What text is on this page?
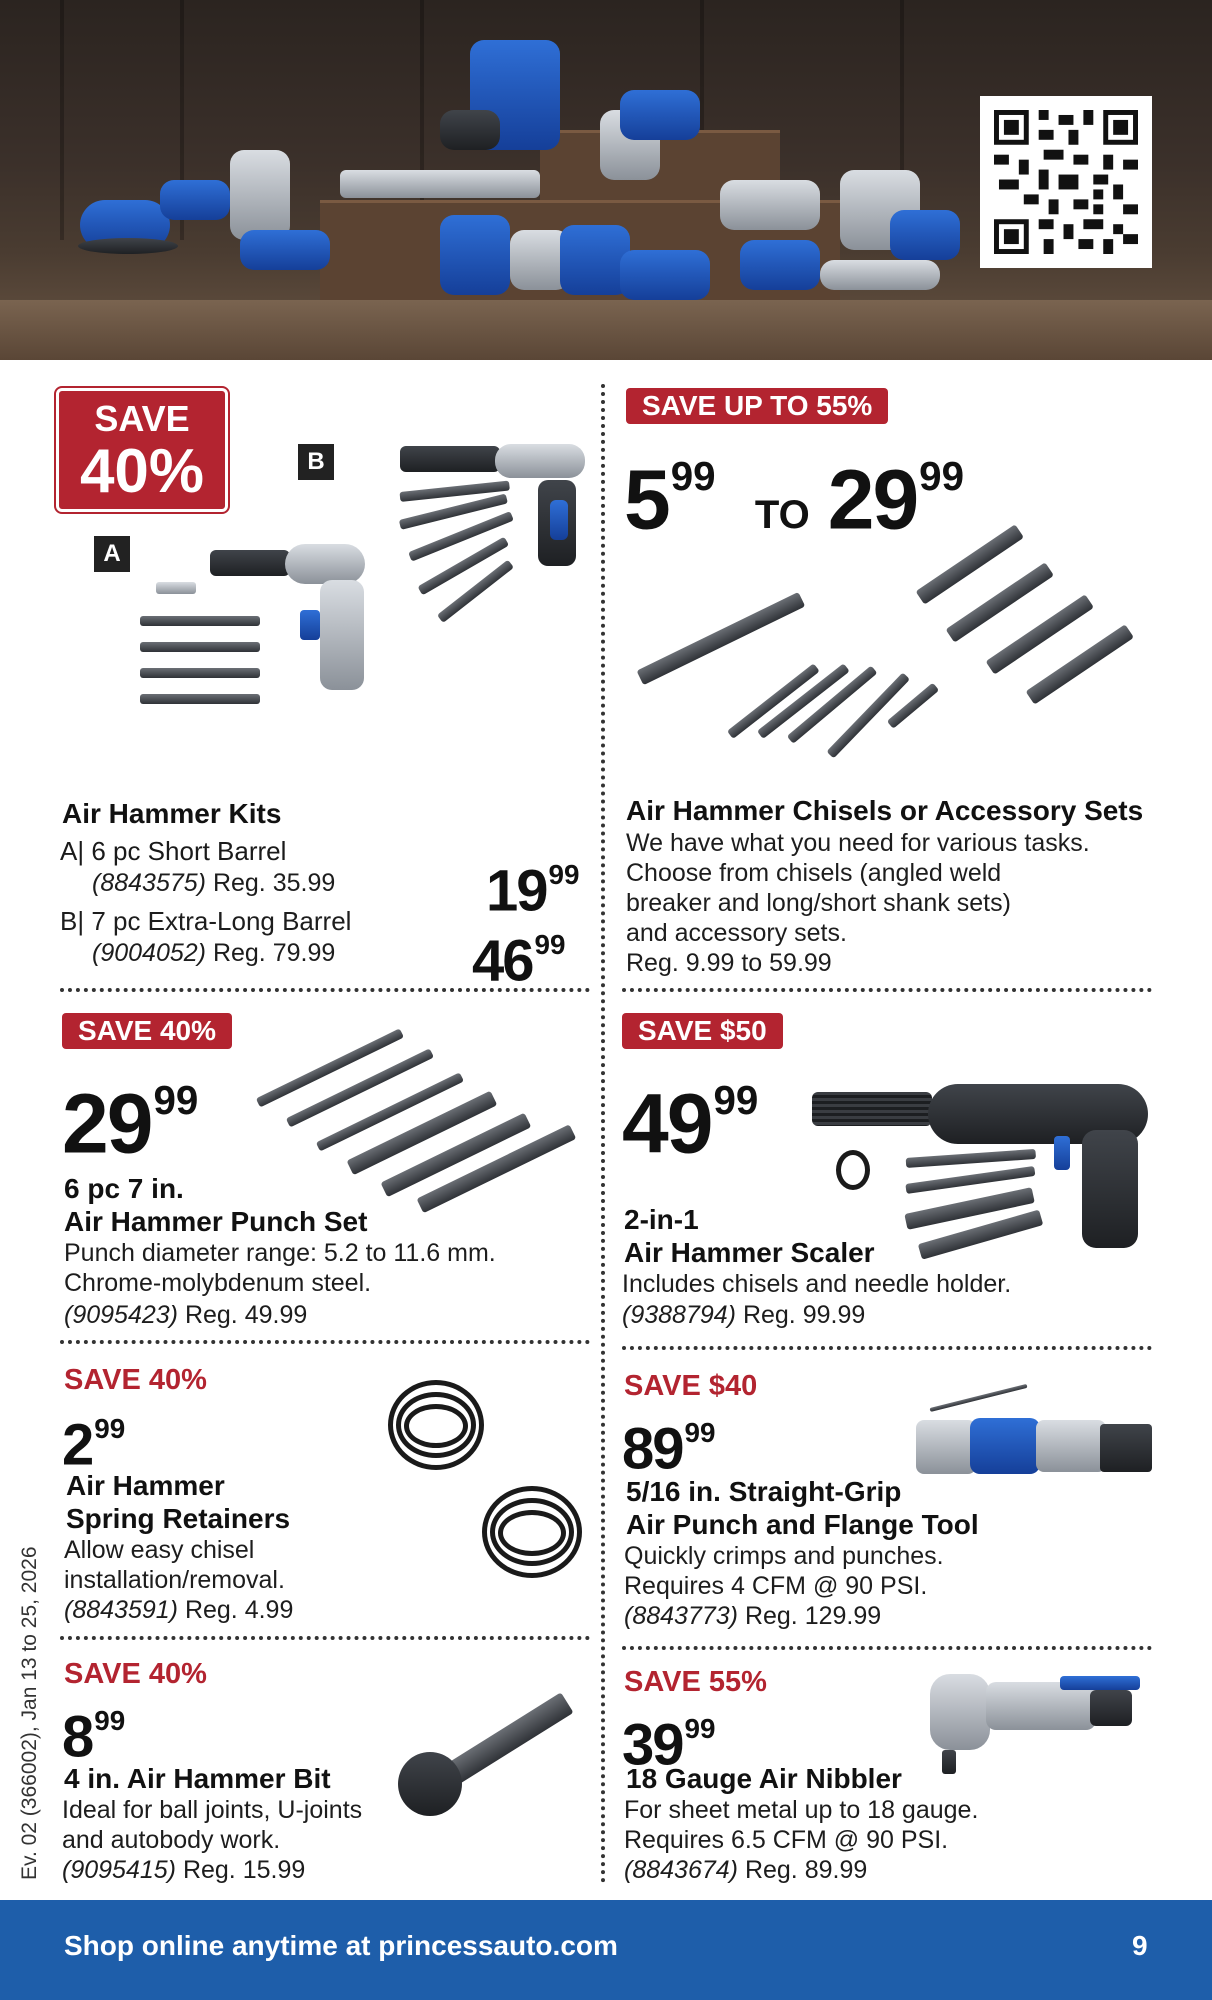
SAVE
40%	B
A
Air Hammer Kits
A| 6 pc Short Barrel
(8843575) Reg. 35.99
B| 7 pc Extra-Long Barrel
(9004052) Reg. 79.99
$19^{99}$
$46^{99}$
SAVE UP TO 55%
$5^{99}$ TO $29^{99}$
Air Hammer Chisels or Accessory Sets
We have what you need for various tasks.
Choose from chisels (angled weld
breaker and long/short shank sets)
and accessory sets.
Reg. 9.99 to 59.99
SAVE 40%
$29^{99}$
6 pc 7 in.
Air Hammer Punch Set
Punch diameter range: 5.2 to 11.6 mm.
Chrome-molybdenum steel.
(9095423) Reg. 49.99
SAVE $50
$49^{99}$
2-in-1
Air Hammer Scaler
Includes chisels and needle holder.
(9388794) Reg. 99.99
SAVE 40%
$2^{99}$
Air Hammer
Spring Retainers
Allow easy chisel
installation/removal.
(8843591) Reg. 4.99
SAVE $40
$89^{99}$
5/16 in. Straight-Grip
Air Punch and Flange Tool
Quickly crimps and punches.
Requires 4 CFM @ 90 PSI.
(8843773) Reg. 129.99
SAVE 40%
$8^{99}$
4 in. Air Hammer Bit
Ideal for ball joints, U-joints
and autobody work.
(9095415) Reg. 15.99
SAVE 55%
$39^{99}$
18 Gauge Air Nibbler
For sheet metal up to 18 gauge.
Requires 6.5 CFM @ 90 PSI.
(8843674) Reg. 89.99
Ev. 02 (366002), Jan 13 to 25, 2026
Shop online anytime at princessauto.com	9
